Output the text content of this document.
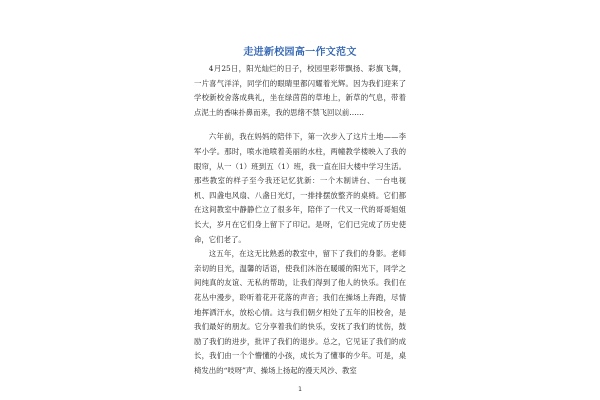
走进新校园高一作文范文

4月25日，阳光灿烂的日子，校园里彩带飘扬、彩旗飞舞，一片喜气洋洋，同学们的眼睛里都闪耀着光辉。因为我们迎来了学校新校舍落成典礼，坐在绿茵茵的草地上，新草的气息，带着点泥土的香味扑鼻而来，我的思绪不禁飞回以前……

六年前，我在妈妈的陪伴下，第一次步入了这片土地——李军小学。那时，喷水池喷着美丽的水柱，两幢教学楼映入了我的眼帘，从一（1）班到五（1）班，我一直在旧大楼中学习生活。那些教室的样子至今我还记忆犹新：一个木制讲台、一台电视机、四盏电风扇、八盏日光灯，一排排摆放整齐的桌椅。它们都在这间教室中静静伫立了很多年，陪伴了一代又一代的哥哥姐姐长大，岁月在它们身上留下了印记。是呀，它们已完成了历史使命，它们老了。

这五年，在这无比熟悉的教室中，留下了我们的身影。老师亲切的目光，温馨的话语，使我们沐浴在暖暖的阳光下，同学之间纯真的友谊、无私的帮助，让我们得到了他人的快乐。我们在花丛中漫步，聆听着花开花落的声音；我们在操场上奔跑，尽情地挥洒汗水，放松心情。这与我们朝夕相处了五年的旧校舍，是我们最好的朋友。它分享着我们的快乐，安抚了我们的忧伤，鼓励了我们的进步，批评了我们的退步。总之，它见证了我们的成长，我们由一个个懵懂的小孩，成长为了懂事的少年。可是，桌椅发出的“吱呀”声、操场上扬起的漫天风沙、教室

1
